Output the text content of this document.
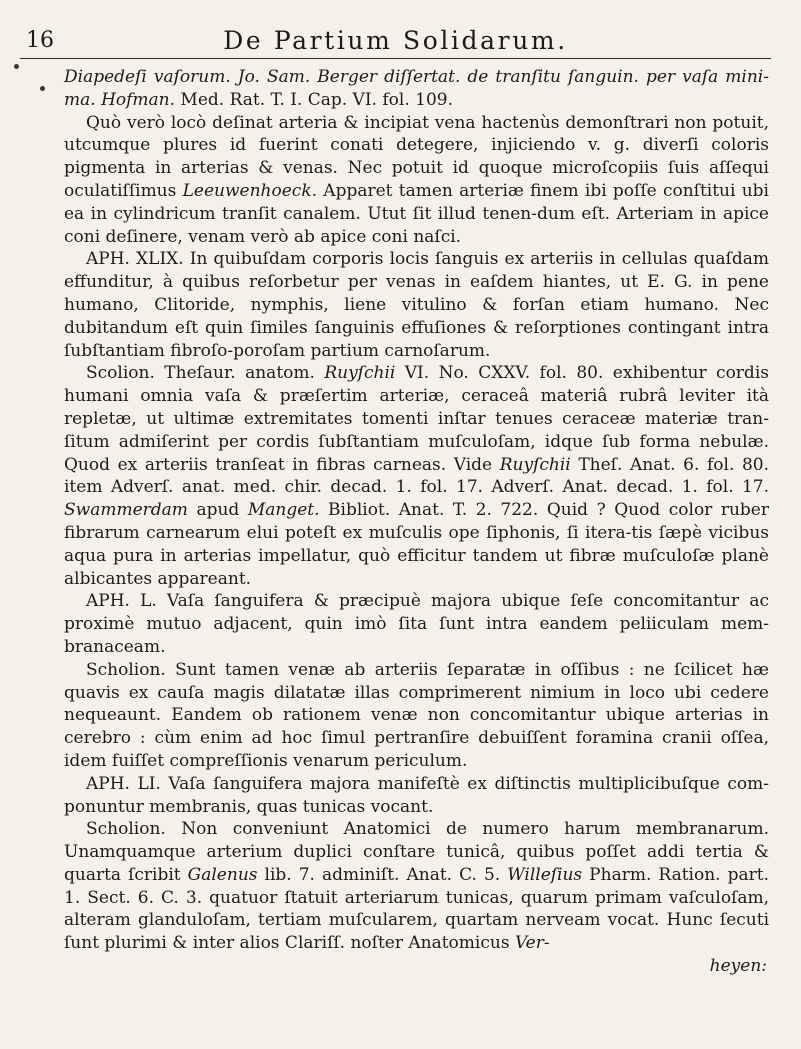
16	De Partium Solidarum.

Diapedeſi vaſorum. Jo. Sam. Berger diſſertat. de tranſitu ſanguin. per vaſa mini-ma. Hofman. Med. Rat. T. I. Cap. VI. fol. 109.

Quò verò locò deſinat arteria & incipiat vena hactenùs demonſtrari non potuit, utcumque plures id fuerint conati detegere, injiciendo v. g. diverſi coloris pigmenta in arterias & venas. Nec potuit id quoque microſcopiis ſuis aſſequi oculatiſſimus Leeuwenhoeck. Apparet tamen arteriæ finem ibi poſſe conſtitui ubi ea in cylindricum tranſit canalem. Utut ſit illud tenen-dum eſt. Arteriam in apice coni deſinere, venam verò ab apice coni naſci.

APH. XLIX. In quibuſdam corporis locis ſanguis ex arteriis in cellulas quaſdam effunditur, à quibus reſorbetur per venas in eaſdem hiantes, ut E. G. in pene humano, Clitoride, nymphis, liene vitulino & forſan etiam humano. Nec dubitandum eſt quin ſimiles ſanguinis effuſiones & reſorptiones contingant intra ſubſtantiam fibroſo-poroſam partium carnoſarum.

Scolion. Theſaur. anatom. Ruyſchii VI. No. CXXV. fol. 80. exhibentur cordis humani omnia vaſa & præſertim arteriæ, ceraceâ materiâ rubrâ leviter ità repletæ, ut ultimæ extremitates tomenti inſtar tenues ceraceæ materiæ tran-ſitum admiſerint per cordis ſubſtantiam muſculoſam, idque ſub forma nebulæ. Quod ex arteriis tranſeat in fibras carneas. Vide Ruyſchii Theſ. Anat. 6. fol. 80. item Adverſ. anat. med. chir. decad. 1. fol. 17. Adverſ. Anat. decad. 1. fol. 17. Swammerdam apud Manget. Bibliot. Anat. T. 2. 722. Quid ? Quod color ruber fibrarum carnearum elui poteſt ex muſculis ope ſiphonis, ſi itera-tis ſæpè vicibus aqua pura in arterias impellatur, quò efficitur tandem ut fibræ muſculoſæ planè albicantes appareant.

APH. L. Vaſa ſanguifera & præcipuè majora ubique ſeſe concomitantur ac proximè mutuo adjacent, quin imò ſita ſunt intra eandem peliiculam mem-branaceam.

Scholion. Sunt tamen venæ ab arteriis ſeparatæ in oſſibus : ne ſcilicet hæ quavis ex cauſa magis dilatatæ illas comprimerent nimium in loco ubi cedere nequeaunt. Eandem ob rationem venæ non concomitantur ubique arterias in cerebro : cùm enim ad hoc ſimul pertranſire debuiſſent foramina cranii oſſea, idem fuiſſet compreſſionis venarum periculum.

APH. LI. Vaſa ſanguifera majora manifeſtè ex diſtinctis multiplicibuſque com-ponuntur membranis, quas tunicas vocant.

Scholion. Non conveniunt Anatomici de numero harum membranarum. Unamquamque arterium duplici conſtare tunicâ, quibus poſſet addi tertia & quarta ſcribit Galenus lib. 7. adminiſt. Anat. C. 5. Willeſius Pharm. Ration. part. 1. Sect. 6. C. 3. quatuor ſtatuit arteriarum tunicas, quarum primam vaſculoſam, alteram glanduloſam, tertiam muſcularem, quartam nerveam vocat. Hunc ſecuti ſunt plurimi & inter alios Clariſſ. noſter Anatomicus Ver-

heyen:
